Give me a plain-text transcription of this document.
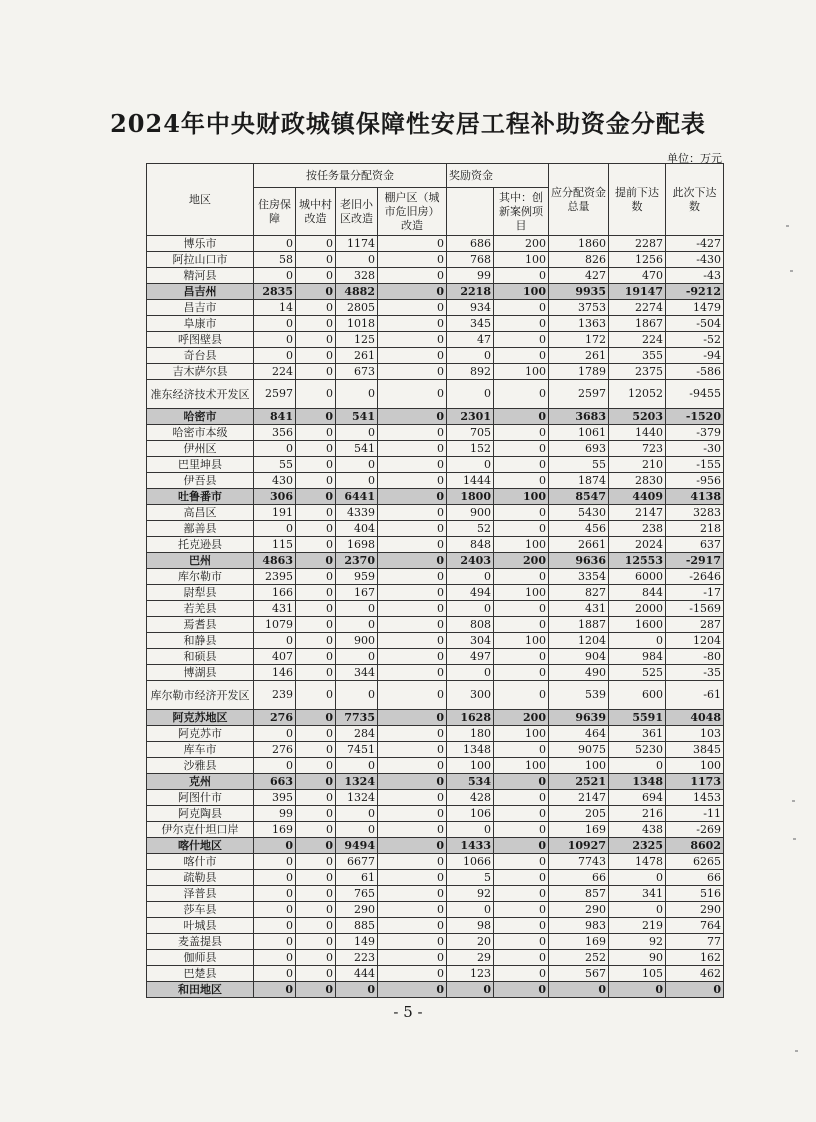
2024年中央财政城镇保障性安居工程补助资金分配表
单位：万元
地区	按任务量分配资金				奖励资金		应分配资金总量	提前下达数	此次下达数
	住房保障	城中村改造	老旧小区改造	棚户区（城市危旧房）改造		其中：创新案例项目			
博乐市	0	0	1174	0	686	200	1860	2287	-427
阿拉山口市	58	0	0	0	768	100	826	1256	-430
精河县	0	0	328	0	99	0	427	470	-43
昌吉州	2835	0	4882	0	2218	100	9935	19147	-9212
昌吉市	14	0	2805	0	934	0	3753	2274	1479
阜康市	0	0	1018	0	345	0	1363	1867	-504
呼图壁县	0	0	125	0	47	0	172	224	-52
奇台县	0	0	261	0	0	0	261	355	-94
吉木萨尔县	224	0	673	0	892	100	1789	2375	-586
准东经济技术开发区	2597	0	0	0	0	0	2597	12052	-9455
哈密市	841	0	541	0	2301	0	3683	5203	-1520
哈密市本级	356	0	0	0	705	0	1061	1440	-379
伊州区	0	0	541	0	152	0	693	723	-30
巴里坤县	55	0	0	0	0	0	55	210	-155
伊吾县	430	0	0	0	1444	0	1874	2830	-956
吐鲁番市	306	0	6441	0	1800	100	8547	4409	4138
高昌区	191	0	4339	0	900	0	5430	2147	3283
鄯善县	0	0	404	0	52	0	456	238	218
托克逊县	115	0	1698	0	848	100	2661	2024	637
巴州	4863	0	2370	0	2403	200	9636	12553	-2917
库尔勒市	2395	0	959	0	0	0	3354	6000	-2646
尉犁县	166	0	167	0	494	100	827	844	-17
若羌县	431	0	0	0	0	0	431	2000	-1569
焉耆县	1079	0	0	0	808	0	1887	1600	287
和静县	0	0	900	0	304	100	1204	0	1204
和硕县	407	0	0	0	497	0	904	984	-80
博湖县	146	0	344	0	0	0	490	525	-35
库尔勒市经济开发区	239	0	0	0	300	0	539	600	-61
阿克苏地区	276	0	7735	0	1628	200	9639	5591	4048
阿克苏市	0	0	284	0	180	100	464	361	103
库车市	276	0	7451	0	1348	0	9075	5230	3845
沙雅县	0	0	0	0	100	100	100	0	100
克州	663	0	1324	0	534	0	2521	1348	1173
阿图什市	395	0	1324	0	428	0	2147	694	1453
阿克陶县	99	0	0	0	106	0	205	216	-11
伊尔克什坦口岸	169	0	0	0	0	0	169	438	-269
喀什地区	0	0	9494	0	1433	0	10927	2325	8602
喀什市	0	0	6677	0	1066	0	7743	1478	6265
疏勒县	0	0	61	0	5	0	66	0	66
泽普县	0	0	765	0	92	0	857	341	516
莎车县	0	0	290	0	0	0	290	0	290
叶城县	0	0	885	0	98	0	983	219	764
麦盖提县	0	0	149	0	20	0	169	92	77
伽师县	0	0	223	0	29	0	252	90	162
巴楚县	0	0	444	0	123	0	567	105	462
和田地区	0	0	0	0	0	0	0	0	0
- 5 -
